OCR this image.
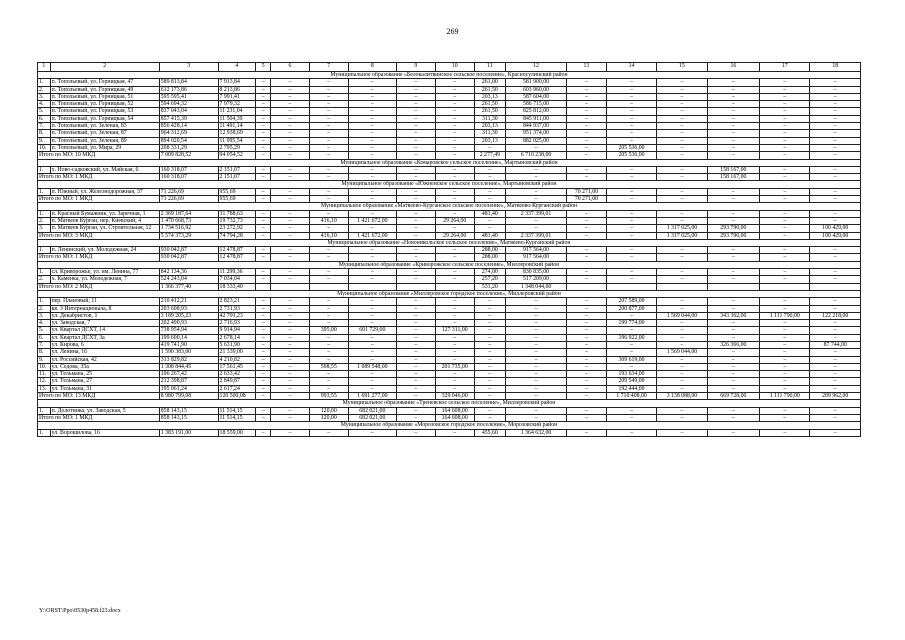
269
1	2	3	4	5	6	7	8	9	10	11	12	13	14	15	16	17	18
Муниципальное образование «Белокалитвинское сельское поселение», Красносулинский район																	
1.	п. Топольевый, ул. Горницкая, 47	589 813,84	7 913,84	–	–	–	–	–	–	261,00	581 900,00	–	–	–	–	–	–
2.	п. Топольевый, ул. Горницкая, 49	612 173,86	8 213,86	–	–	–	–	–	–	261,50	603 960,00	–	–	–	–	–	–
3.	п. Топольевый, ул. Горницкая, 51	595 595,41	7 991,41	–	–	–	–	–	–	203,13	587 604,00	–	–	–	–	–	–
4.	п. Топольевый, ул. Горницкая, 52	594 694,32	7 979,32	–	–	–	–	–	–	261,50	586 715,00	–	–	–	–	–	–
5.	п. Топольевый, ул. Горницкая, 53	837 043,04	11 231,04	–	–	–	–	–	–	261,50	825 812,00	–	–	–	–	–	–
6.	п. Топольевый, ул. Горницкая, 54	857 415,39	11 504,39	–	–	–	–	–	–	311,30	845 911,00	–	–	–	–	–	–
7.	п. Топольевый, ул. Зеленая, 83	856 428,14	11 491,14	–	–	–	–	–	–	203,13	844 937,00	–	–	–	–	–	–
8.	п. Топольевый, ул. Зеленая, 87	964 312,69	12 938,69	–	–	–	–	–	–	311,30	951 374,00	–	–	–	–	–	–
9.	п. Топольевый, ул. Зеленая, 89	894 020,54	11 995,54	–	–	–	–	–	–	203,13	882 025,00	–	–	–	–	–	–
10.	п. Топольевый, ул. Мира, 29	208 331,29	2 795,29	–	–	–	–	–	–	–	–	–	205 536,00	–	–	–	–
Итого по МО: 10 МКД		7 009 828,52	94 054,52	–	–	–	–	–	–	2 277,49	6 710 238,00	–	205 536,00	–	–	–	–
Муниципальное образование «Комаровское сельское поселение», Мартыновский район																	
1.	х. Ново-садковский, ул. Майская, 6	160 318,07	2 151,07	–	–	–	–	–	–	–	–	–	–	–	158 167,00	–	–
Итого по МО: 1 МКД		160 318,07	2 151,07	–	–	–	–	–	–	–	–	–	–	–	158 167,00	–	–
Муниципальное образование «Южненское сельское поселение», Мартыновский район																	
1.	п. Южный, ул. Железнодорожная, 37	71 226,69	955,69	–	–	–	–	–	–	–	–	70 271,00	–	–	–	–	–
Итого по МО: 1 МКД		71 226,69	955,69	–	–	–	–	–	–	–	–	70 271,00	–	–	–	–	–
Муниципальное образование «Матвеево-Курганское сельское поселение», Матвеево-Курганский район																	
1.	п. Красный Бумажник, ул. Заречная, 1	2 369 187,64	31 788,63	–	–	–	–	–	–	481,40	2 337 399,01	–	–	–	–	–	–
2.	п. Матвеев Курган, пер. Киевский, 4	1 470 668,73	19 732,73	–	–	416,10	1 421 672,00	–	29 264,00	–	–	–	–	–	–	–	–
3.	п. Матвеев Курган, ул. Строительная, 12	1 734 516,92	23 272,92	–	–	–	–	–	–	–	–	–	–	1 317 025,00	293 790,00	–	100 429,00
Итого по МО: 3 МКД		5 574 373,29	74 794,28	–	–	416,10	1 421 672,00	–	29 264,00	481,40	2 337 399,01	–	–	1 317 025,00	293 790,00	–	100 429,00
Муниципальное образование «Новоникольское сельское поселение», Матвеево-Курганский район																	
1.	п. Ленинский, ул. Молодежная, 24	930 042,87	12 478,87	–	–	–	–	–	–	288,00	917 564,00	–	–	–	–	–	–
Итого по МО: 1 МКД		930 042,87	12 478,87	–	–	–	–	–	–	288,00	917 564,00	–	–	–	–	–	–
Муниципальное образование «Криворожское сельское поселение», Миллеровский район																	
1.	сл. Криворожье, ул. им. Ленина, 77	842 134,36	11 299,36	–	–	–	–	–	–	274,00	830 835,00	–	–	–	–	–	–
2.	х. Каменка, ул. Молодежная, 7	524 243,04	7 034,04	–	–	–	–	–	–	257,20	517 209,00	–	–	–	–	–	–
Итого по МО: 2 МКД		1 366 377,40	18 333,40							531,20	1 348 044,00						
Муниципальное образование «Миллеровское городское поселение», Миллеровский район																	
1.	пер. Плановый, 11	210 412,21	2 823,21	–	–	–	–	–	–	–	–	–	207 589,00	–	–	–	–
2.	кв. 3 Интернационала, 8	203 608,93	2 731,93	–	–	–	–	–	–	–	–	–	200 877,00	–	–	–	–
3.	ул. Декабристов, 1	3 189 205,23	42 791,23	–	–	–	–	–	–	–	–	–	–	1 569 044,00	343 362,00	1 111 790,00	122 218,00
4.	ул. Заводская, 7	202 490,93	2 716,93	–	–	–	–	–	–	–	–	–	199 774,00	–	–	–	–
5.	ул. Квартал ДСХТ, 14	738 954,94	9 914,94	–	–	395,00	601 729,00	–	127 311,00	–	–	–	–	–	–	–	–
6.	ул. Квартал ДСХТ, 3а	199 600,14	2 678,14	–	–	–	–	–	–	–	–	–	196 922,00	–	–	–	–
7.	ул. Кирова, 6	419 741,90	5 631,90	–	–	–	–	–	–	–	–	–	–	–	326 366,00	–	87 744,00
8.	ул. Ленина, 16	1 590 383,00	21 339,00	–	–	–	–	–	–	–	–	–	–	1 569 044,00	–	–	–
9.	ул. Российская, 42	313 829,82	4 210,82	–	–	–	–	–	–	–	–	–	309 619,00	–	–	–	–
10.	ул. Седова, 35а	1 308 844,45	17 561,45	–	–	598,55	1 089 548,00	–	201 735,00	–	–	–	–	–	–	–	–
11.	ул. Тельмана, 25	196 267,42	2 633,42	–	–	–	–	–	–	–	–	–	193 634,00	–	–	–	–
12.	ул. Тельмана, 27	212 398,87	2 849,87	–	–	–	–	–	–	–	–	–	209 549,00	–	–	–	–
13.	ул. Тельмана, 31	195 061,24	2 617,24	–	–	–	–	–	–	–	–	–	192 444,00	–	–	–	–
Итого по МО: 13 МКД		8 980 799,08	120 500,08	–	–	993,55	1 691 277,00	–	329 046,00	–	–	–	1 710 408,00	3 138 088,00	669 728,00	1 111 790,00	209 962,00
Муниципальное образование «Треневское сельское поселение», Миллеровский район																	
1.	п. Долотинка, ул. Заводская, 5	858 143,15	11 514,15	–	–	120,00	682 021,00	–	164 608,00	–	–	–	–	–	–	–	–
Итого по МО: 1 МКД		858 143,15	11 514,15	–	–	120,00	682 021,00	–	164 608,00	–	–	–	–	–	–	–	–
Муниципальное образование «Морозовское городское поселение», Морозовский район																	
1.	ул. Ворошилова, 16	1 383 191,00	18 559,00	–	–	–	–	–	–	455,60	1 364 632,00	–	–	–	–	–	–
Y:\ORST\Ppo\0530p458.f23.docx
